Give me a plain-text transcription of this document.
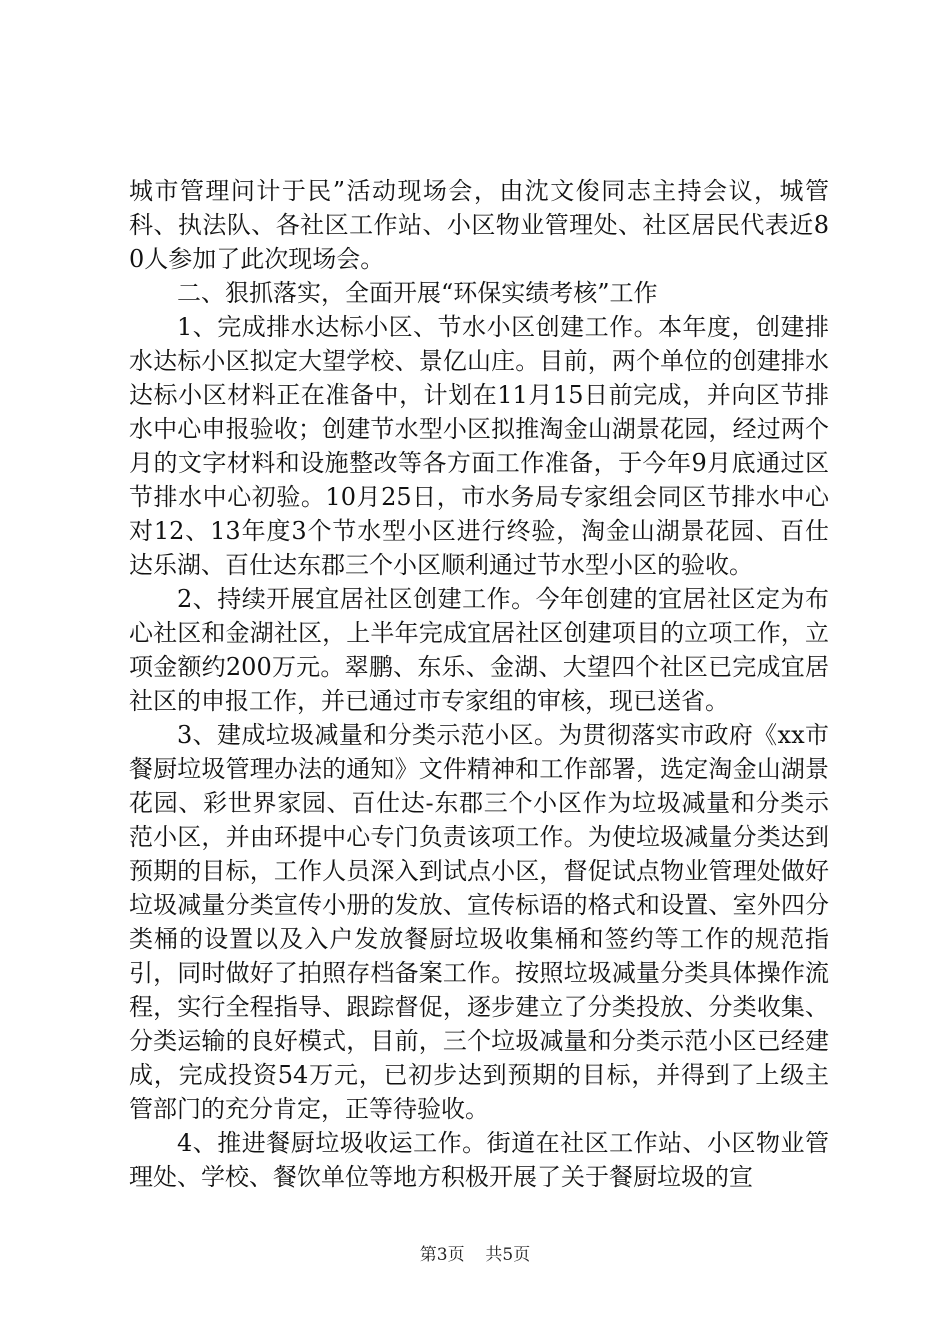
城市管理问计于民”活动现场会，由沈文俊同志主持会议，城管科、执法队、各社区工作站、小区物业管理处、社区居民代表近80人参加了此次现场会。

二、狠抓落实，全面开展“环保实绩考核”工作

1、完成排水达标小区、节水小区创建工作。本年度，创建排水达标小区拟定大望学校、景亿山庄。目前，两个单位的创建排水达标小区材料正在准备中，计划在11月15日前完成，并向区节排水中心申报验收；创建节水型小区拟推淘金山湖景花园，经过两个月的文字材料和设施整改等各方面工作准备，于今年9月底通过区节排水中心初验。10月25日，市水务局专家组会同区节排水中心对12、13年度3个节水型小区进行终验，淘金山湖景花园、百仕达乐湖、百仕达东郡三个小区顺利通过节水型小区的验收。

2、持续开展宜居社区创建工作。今年创建的宜居社区定为布心社区和金湖社区，上半年完成宜居社区创建项目的立项工作，立项金额约200万元。翠鹏、东乐、金湖、大望四个社区已完成宜居社区的申报工作，并已通过市专家组的审核，现已送省。

3、建成垃圾减量和分类示范小区。为贯彻落实市政府《xx市餐厨垃圾管理办法的通知》文件精神和工作部署，选定淘金山湖景花园、彩世界家园、百仕达-东郡三个小区作为垃圾减量和分类示范小区，并由环提中心专门负责该项工作。为使垃圾减量分类达到预期的目标，工作人员深入到试点小区，督促试点物业管理处做好垃圾减量分类宣传小册的发放、宣传标语的格式和设置、室外四分类桶的设置以及入户发放餐厨垃圾收集桶和签约等工作的规范指引，同时做好了拍照存档备案工作。按照垃圾减量分类具体操作流程，实行全程指导、跟踪督促，逐步建立了分类投放、分类收集、分类运输的良好模式，目前，三个垃圾减量和分类示范小区已经建成，完成投资54万元，已初步达到预期的目标，并得到了上级主管部门的充分肯定，正等待验收。

4、推进餐厨垃圾收运工作。街道在社区工作站、小区物业管理处、学校、餐饮单位等地方积极开展了关于餐厨垃圾的宣

第3页 共5页
